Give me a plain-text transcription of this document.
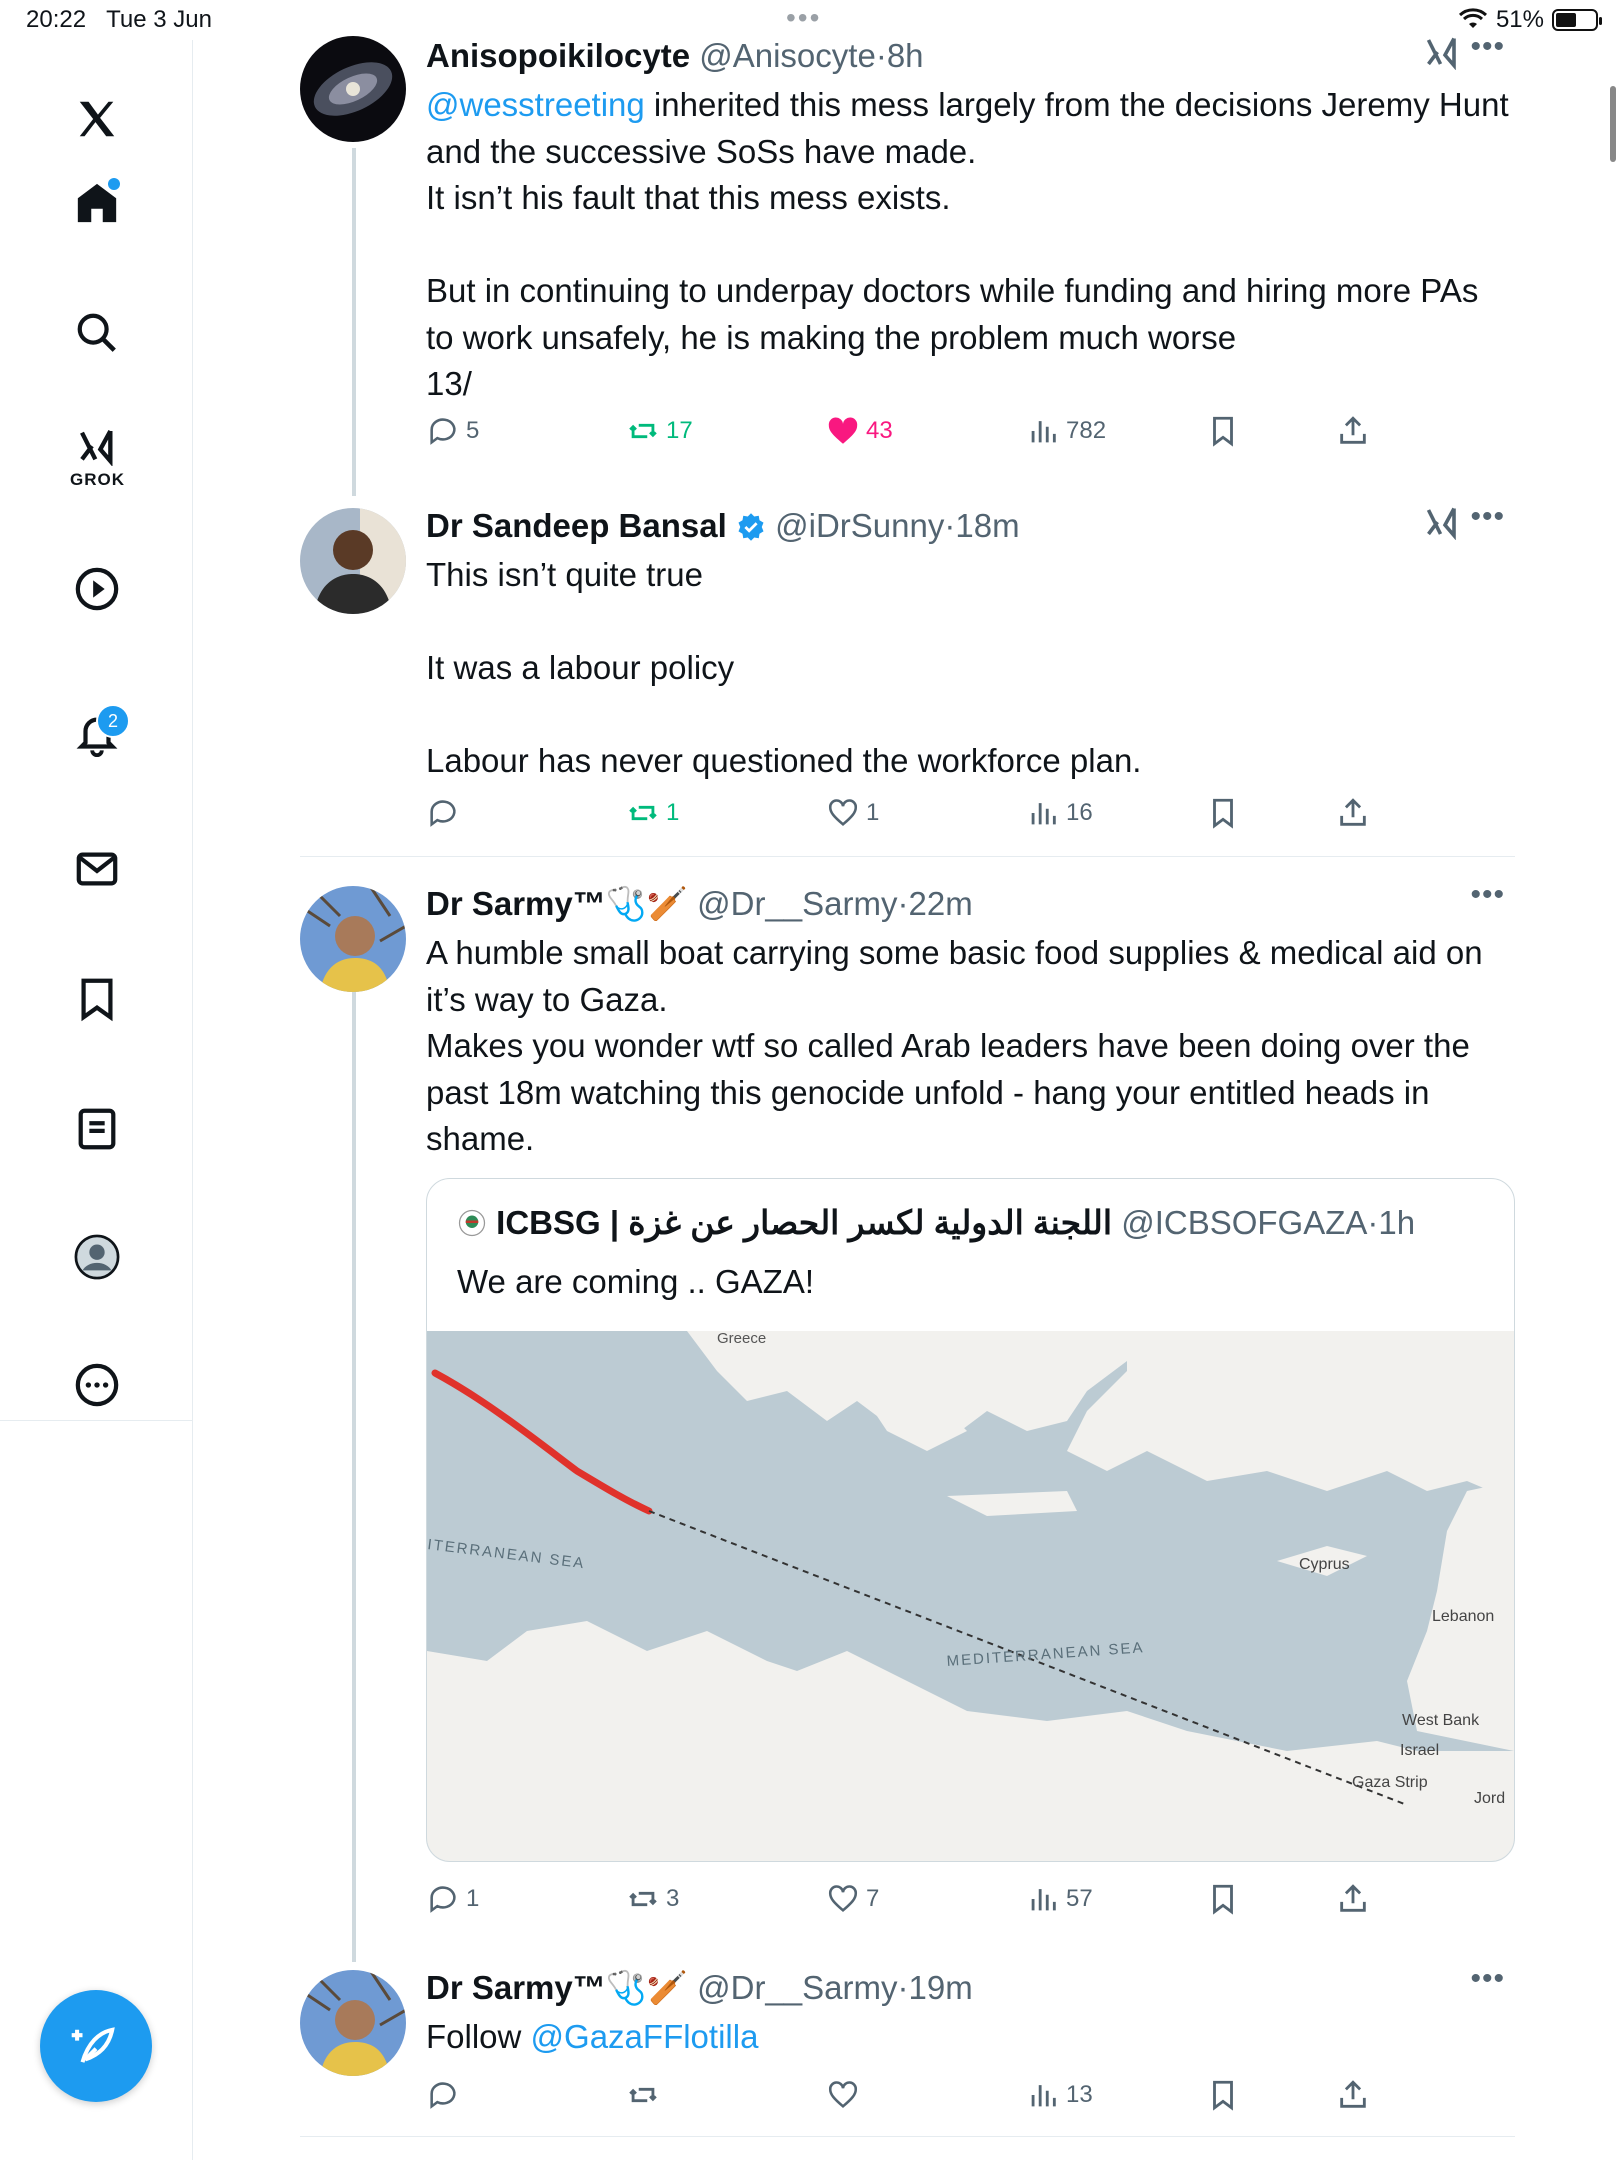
20:22 Tue 3 Jun	•••	51%
GROK
2
Anisopoikilocyte @Anisocyte·8h	•••
@wesstreeting inherited this mess largely from the decisions Jeremy Hunt and the successive SoSs have made.
It isn’t his fault that this mess exists.

But in continuing to underpay doctors while funding and hiring more PAs to work unsafely, he is making the problem much worse
13/
5	17	43	782
Dr Sandeep Bansal @iDrSunny·18m	•••
This isn’t quite true

It was a labour policy

Labour has never questioned the workforce plan.
1	1	16
Dr Sarmy™🩺🏏 @Dr__Sarmy·22m	•••
A humble small boat carrying some basic food supplies & medical aid on it’s way to Gaza.
Makes you wonder wtf so called Arab leaders have been doing over the past 18m watching this genocide unfold - hang your entitled heads in shame.
ICBSG | اللجنة الدولية لكسر الحصار عن غزة @ICBSOFGAZA·1h
We are coming .. GAZA!
Greece
ITERRANEAN SEA
MEDITERRANEAN SEA
Cyprus
Lebanon
West Bank
Israel
Gaza Strip
Jord
1	3	7	57
Dr Sarmy™🩺🏏 @Dr__Sarmy·19m	•••
Follow @GazaFFlotilla
13
